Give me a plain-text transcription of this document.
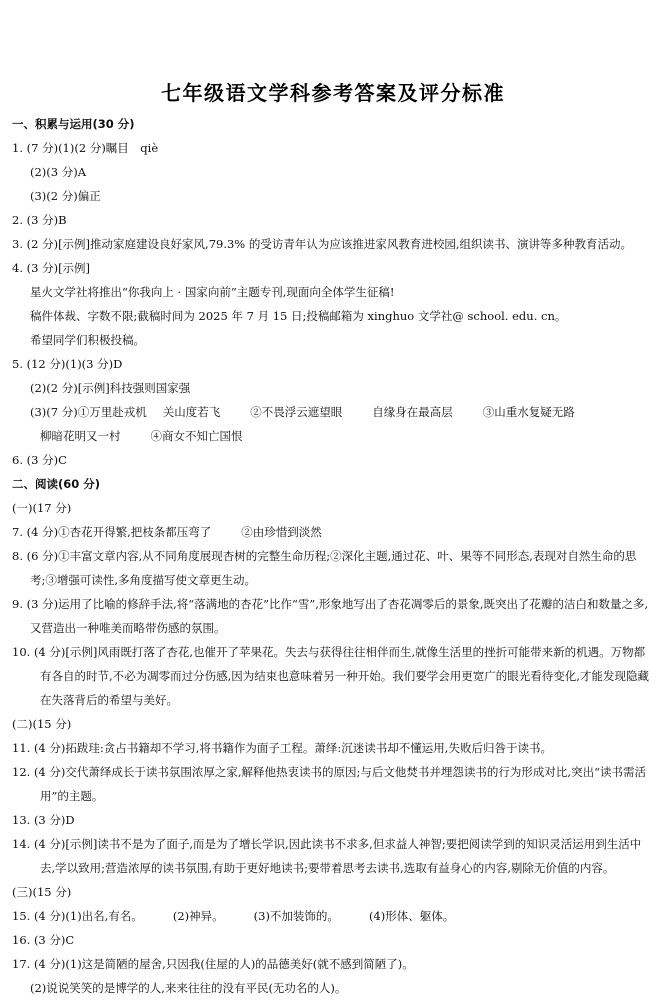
七年级语文学科参考答案及评分标准
一、积累与运用(30 分)
1. (7 分)(1)(2 分)瞩目　qiè
(2)(3 分)A
(3)(2 分)偏正
2. (3 分)B
3. (2 分)[示例]推动家庭建设良好家风,79.3% 的受访青年认为应该推进家风教育进校园,组织读书、演讲等多种教育活动。
4. (3 分)[示例]
星火文学社将推出“你我向上 · 国家向前”主题专刊,现面向全体学生征稿!
稿件体裁、字数不限;截稿时间为 2025 年 7 月 15 日;投稿邮箱为 xinghuo 文学社@ school. edu. cn。
希望同学们积极投稿。
5. (12 分)(1)(3 分)D
(2)(2 分)[示例]科技强则国家强
(3)(7 分)①万里赴戎机 关山度若飞	②不畏浮云遮望眼	自缘身在最高层	③山重水复疑无路
柳暗花明又一村	④商女不知亡国恨
6. (3 分)C
二、阅读(60 分)
(一)(17 分)
7. (4 分)①杏花开得繁,把枝条都压弯了	②由珍惜到淡然
8. (6 分)①丰富文章内容,从不同角度展现杏树的完整生命历程;②深化主题,通过花、叶、果等不同形态,表现对自然生命的思考;③增强可读性,多角度描写使文章更生动。
9. (3 分)运用了比喻的修辞手法,将“落满地的杏花”比作“雪”,形象地写出了杏花凋零后的景象,既突出了花瓣的洁白和数量之多,又营造出一种唯美而略带伤感的氛围。
10. (4 分)[示例]风雨既打落了杏花,也催开了苹果花。失去与获得往往相伴而生,就像生活里的挫折可能带来新的机遇。万物都有各自的时节,不必为凋零而过分伤感,因为结束也意味着另一种开始。我们要学会用更宽广的眼光看待变化,才能发现隐藏在失落背后的希望与美好。
(二)(15 分)
11. (4 分)拓跋珪:贪占书籍却不学习,将书籍作为面子工程。萧绎:沉迷读书却不懂运用,失败后归咎于读书。
12. (4 分)交代萧绎成长于读书氛围浓厚之家,解释他热衷读书的原因;与后文他焚书并埋怨读书的行为形成对比,突出“读书需活用”的主题。
13. (3 分)D
14. (4 分)[示例]读书不是为了面子,而是为了增长学识,因此读书不求多,但求益人神智;要把阅读学到的知识灵活运用到生活中去,学以致用;营造浓厚的读书氛围,有助于更好地读书;要带着思考去读书,选取有益身心的内容,剔除无价值的内容。
(三)(15 分)
15. (4 分)(1)出名,有名。	(2)神异。	(3)不加装饰的。	(4)形体、躯体。
16. (3 分)C
17. (4 分)(1)这是简陋的屋舍,只因我(住屋的人)的品德美好(就不感到简陋了)。
(2)说说笑笑的是博学的人,来来往往的没有平民(无功名的人)。
